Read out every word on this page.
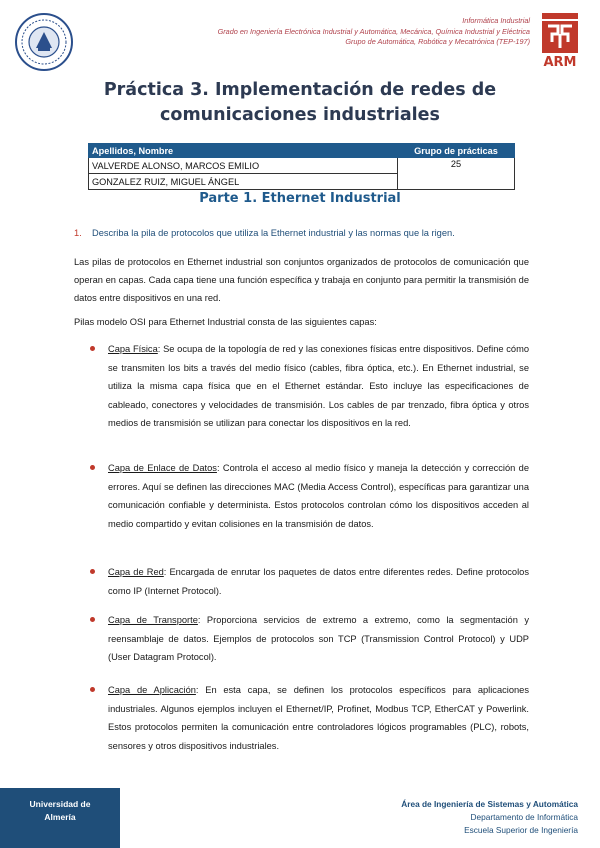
Informática Industrial
Grado en Ingeniería Electrónica Industrial y Automática, Mecánica, Química Industrial y Eléctrica
Grupo de Automática, Robótica y Mecatrónica (TEP-197)
ARM
Práctica 3. Implementación de redes de
comunicaciones industriales
Apellidos, Nombre	Grupo de prácticas
VALVERDE ALONSO, MARCOS EMILIO	25
GONZALEZ RUIZ, MIGUEL ÁNGEL	
Parte 1. Ethernet Industrial
1. Describa la pila de protocolos que utiliza la Ethernet industrial y las normas que la rigen.
Las pilas de protocolos en Ethernet industrial son conjuntos organizados de protocolos de comunicación que operan en capas. Cada capa tiene una función específica y trabaja en conjunto para permitir la transmisión de datos entre dispositivos en una red.
Pilas modelo OSI para Ethernet Industrial consta de las siguientes capas:
Capa Física: Se ocupa de la topología de red y las conexiones físicas entre dispositivos. Define cómo se transmiten los bits a través del medio físico (cables, fibra óptica, etc.). En Ethernet industrial, se utiliza la misma capa física que en el Ethernet estándar. Esto incluye las especificaciones de cableado, conectores y velocidades de transmisión. Los cables de par trenzado, fibra óptica y otros medios de transmisión se utilizan para conectar los dispositivos en la red.
Capa de Enlace de Datos: Controla el acceso al medio físico y maneja la detección y corrección de errores. Aquí se definen las direcciones MAC (Media Access Control), específicas para garantizar una comunicación confiable y determinista. Estos protocolos controlan cómo los dispositivos acceden al medio compartido y evitan colisiones en la transmisión de datos.
Capa de Red: Encargada de enrutar los paquetes de datos entre diferentes redes. Define protocolos como IP (Internet Protocol).
Capa de Transporte: Proporciona servicios de extremo a extremo, como la segmentación y reensamblaje de datos. Ejemplos de protocolos son TCP (Transmission Control Protocol) y UDP (User Datagram Protocol).
Capa de Aplicación: En esta capa, se definen los protocolos específicos para aplicaciones industriales. Algunos ejemplos incluyen el Ethernet/IP, Profinet, Modbus TCP, EtherCAT y Powerlink. Estos protocolos permiten la comunicación entre controladores lógicos programables (PLC), robots, sensores y otros dispositivos industriales.
Universidad de
Almería
Área de Ingeniería de Sistemas y Automática
Departamento de Informática
Escuela Superior de Ingeniería
